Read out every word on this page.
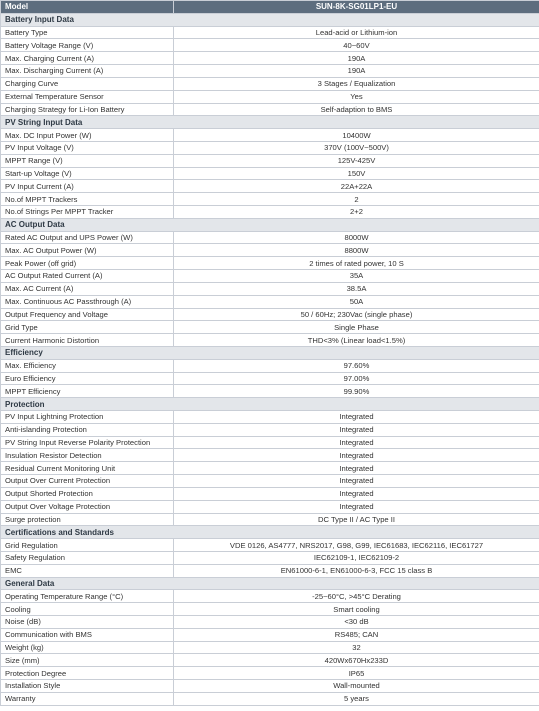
Model	SUN-8K-SG01LP1-EU
Battery Input Data	
Battery Type	Lead-acid or Lithium-ion
Battery Voltage Range (V)	40~60V
Max. Charging Current (A)	190A
Max. Discharging Current (A)	190A
Charging Curve	3 Stages / Equalization
External Temperature Sensor	Yes
Charging Strategy for Li-Ion Battery	Self-adaption to BMS
PV String Input Data	
Max. DC Input Power (W)	10400W
PV Input Voltage (V)	370V (100V~500V)
MPPT Range (V)	125V-425V
Start-up Voltage (V)	150V
PV Input Current (A)	22A+22A
No.of MPPT Trackers	2
No.of Strings Per MPPT Tracker	2+2
AC Output Data	
Rated AC Output and UPS Power (W)	8000W
Max. AC Output Power (W)	8800W
Peak Power (off grid)	2 times of rated power, 10 S
AC Output Rated Current (A)	35A
Max. AC Current (A)	38.5A
Max. Continuous AC Passthrough (A)	50A
Output Frequency and Voltage	50 / 60Hz; 230Vac (single phase)
Grid Type	Single Phase
Current Harmonic Distortion	THD<3% (Linear load<1.5%)
Efficiency	
Max. Efficiency	97.60%
Euro Efficiency	97.00%
MPPT Efficiency	99.90%
Protection	
PV Input Lightning Protection	Integrated
Anti-islanding Protection	Integrated
PV String Input Reverse Polarity Protection	Integrated
Insulation Resistor Detection	Integrated
Residual Current Monitoring Unit	Integrated
Output Over Current Protection	Integrated
Output Shorted Protection	Integrated
Output Over Voltage Protection	Integrated
Surge protection	DC Type II / AC Type II
Certifications and Standards	
Grid Regulation	VDE 0126, AS4777, NRS2017, G98, G99, IEC61683, IEC62116, IEC61727
Safety Regulation	IEC62109-1, IEC62109-2
EMC	EN61000-6-1, EN61000-6-3, FCC 15 class B
General Data	
Operating Temperature Range (°C)	-25~60°C, >45°C Derating
Cooling	Smart cooling
Noise (dB)	<30 dB
Communication with BMS	RS485; CAN
Weight (kg)	32
Size (mm)	420Wx670Hx233D
Protection Degree	IP65
Installation Style	Wall-mounted
Warranty	5 years
